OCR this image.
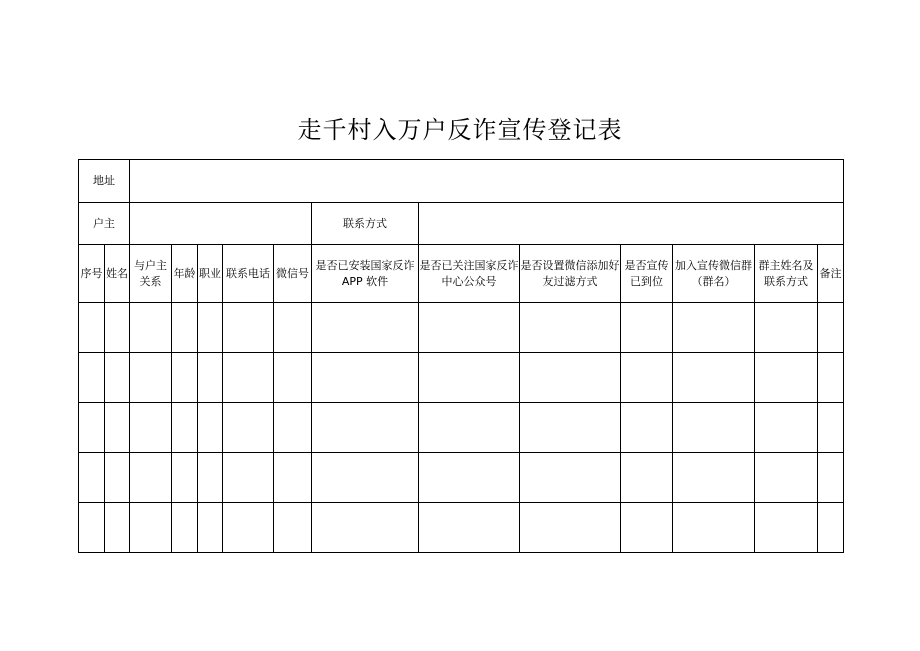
走千村入万户反诈宣传登记表
地址													
户主							联系方式						
序号	姓名	与户主关系	年龄	职业	联系电话	微信号	是否已安装国家反诈 APP 软件	是否已关注国家反诈中心公众号	是否设置微信添加好友过滤方式	是否宣传已到位	加入宣传微信群（群名）	群主姓名及联系方式	备注
